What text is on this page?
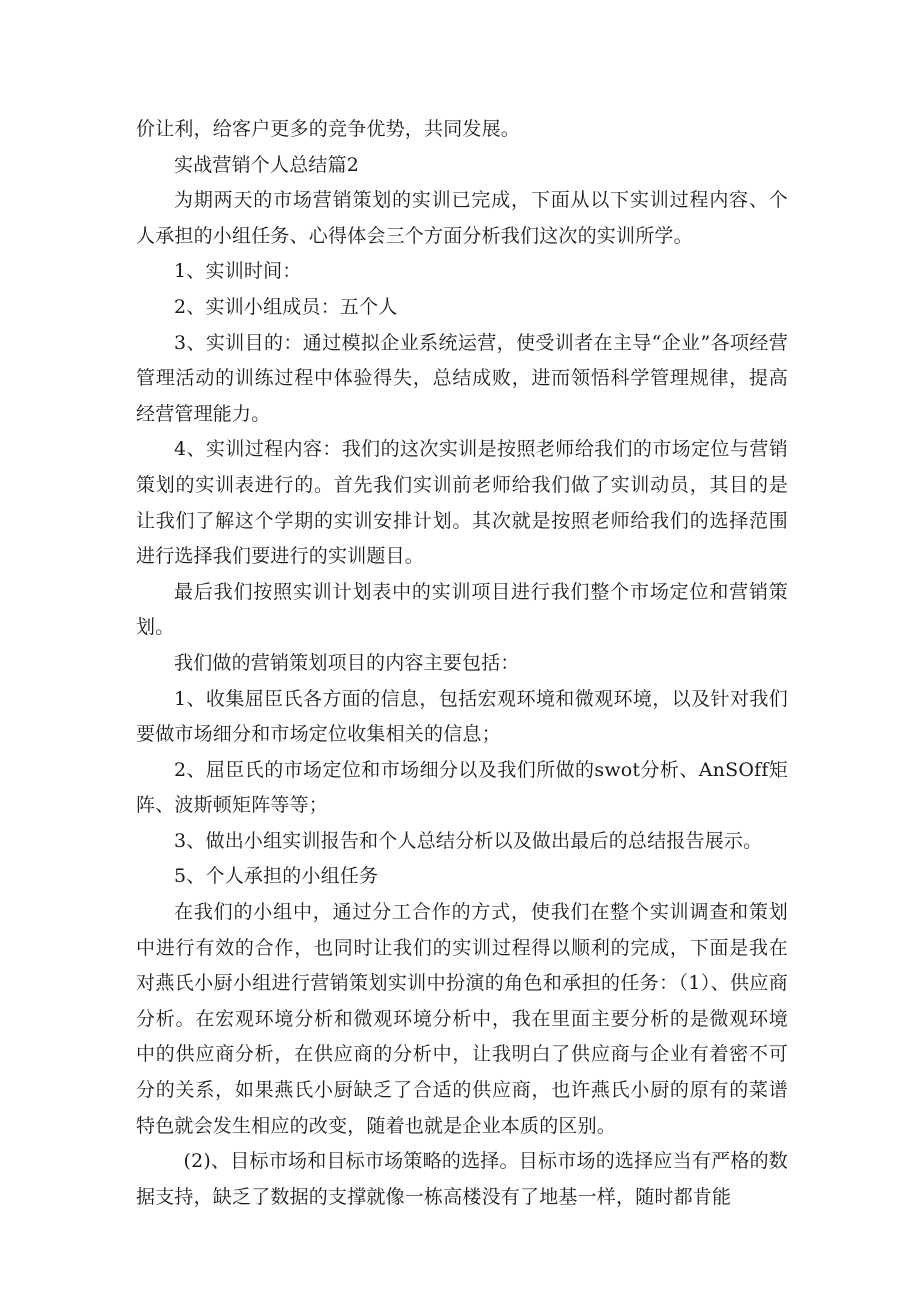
价让利，给客户更多的竞争优势，共同发展。

实战营销个人总结篇2

为期两天的市场营销策划的实训已完成，下面从以下实训过程内容、个人承担的小组任务、心得体会三个方面分析我们这次的实训所学。

1、实训时间：

2、实训小组成员：五个人

3、实训目的：通过模拟企业系统运营，使受训者在主导“企业”各项经营管理活动的训练过程中体验得失，总结成败，进而领悟科学管理规律，提高经营管理能力。

4、实训过程内容：我们的这次实训是按照老师给我们的市场定位与营销策划的实训表进行的。首先我们实训前老师给我们做了实训动员，其目的是让我们了解这个学期的实训安排计划。其次就是按照老师给我们的选择范围进行选择我们要进行的实训题目。

最后我们按照实训计划表中的实训项目进行我们整个市场定位和营销策划。

我们做的营销策划项目的内容主要包括：

1、收集屈臣氏各方面的信息，包括宏观环境和微观环境，以及针对我们要做市场细分和市场定位收集相关的信息；

2、屈臣氏的市场定位和市场细分以及我们所做的swot分析、AnSOff矩阵、波斯顿矩阵等等；

3、做出小组实训报告和个人总结分析以及做出最后的总结报告展示。

5、个人承担的小组任务

在我们的小组中，通过分工合作的方式，使我们在整个实训调查和策划中进行有效的合作，也同时让我们的实训过程得以顺利的完成，下面是我在对燕氏小厨小组进行营销策划实训中扮演的角色和承担的任务：（1）、供应商分析。在宏观环境分析和微观环境分析中，我在里面主要分析的是微观环境中的供应商分析，在供应商的分析中，让我明白了供应商与企业有着密不可分的关系，如果燕氏小厨缺乏了合适的供应商，也许燕氏小厨的原有的菜谱特色就会发生相应的改变，随着也就是企业本质的区别。

(2)、目标市场和目标市场策略的选择。目标市场的选择应当有严格的数据支持，缺乏了数据的支撑就像一栋高楼没有了地基一样，随时都肯能
